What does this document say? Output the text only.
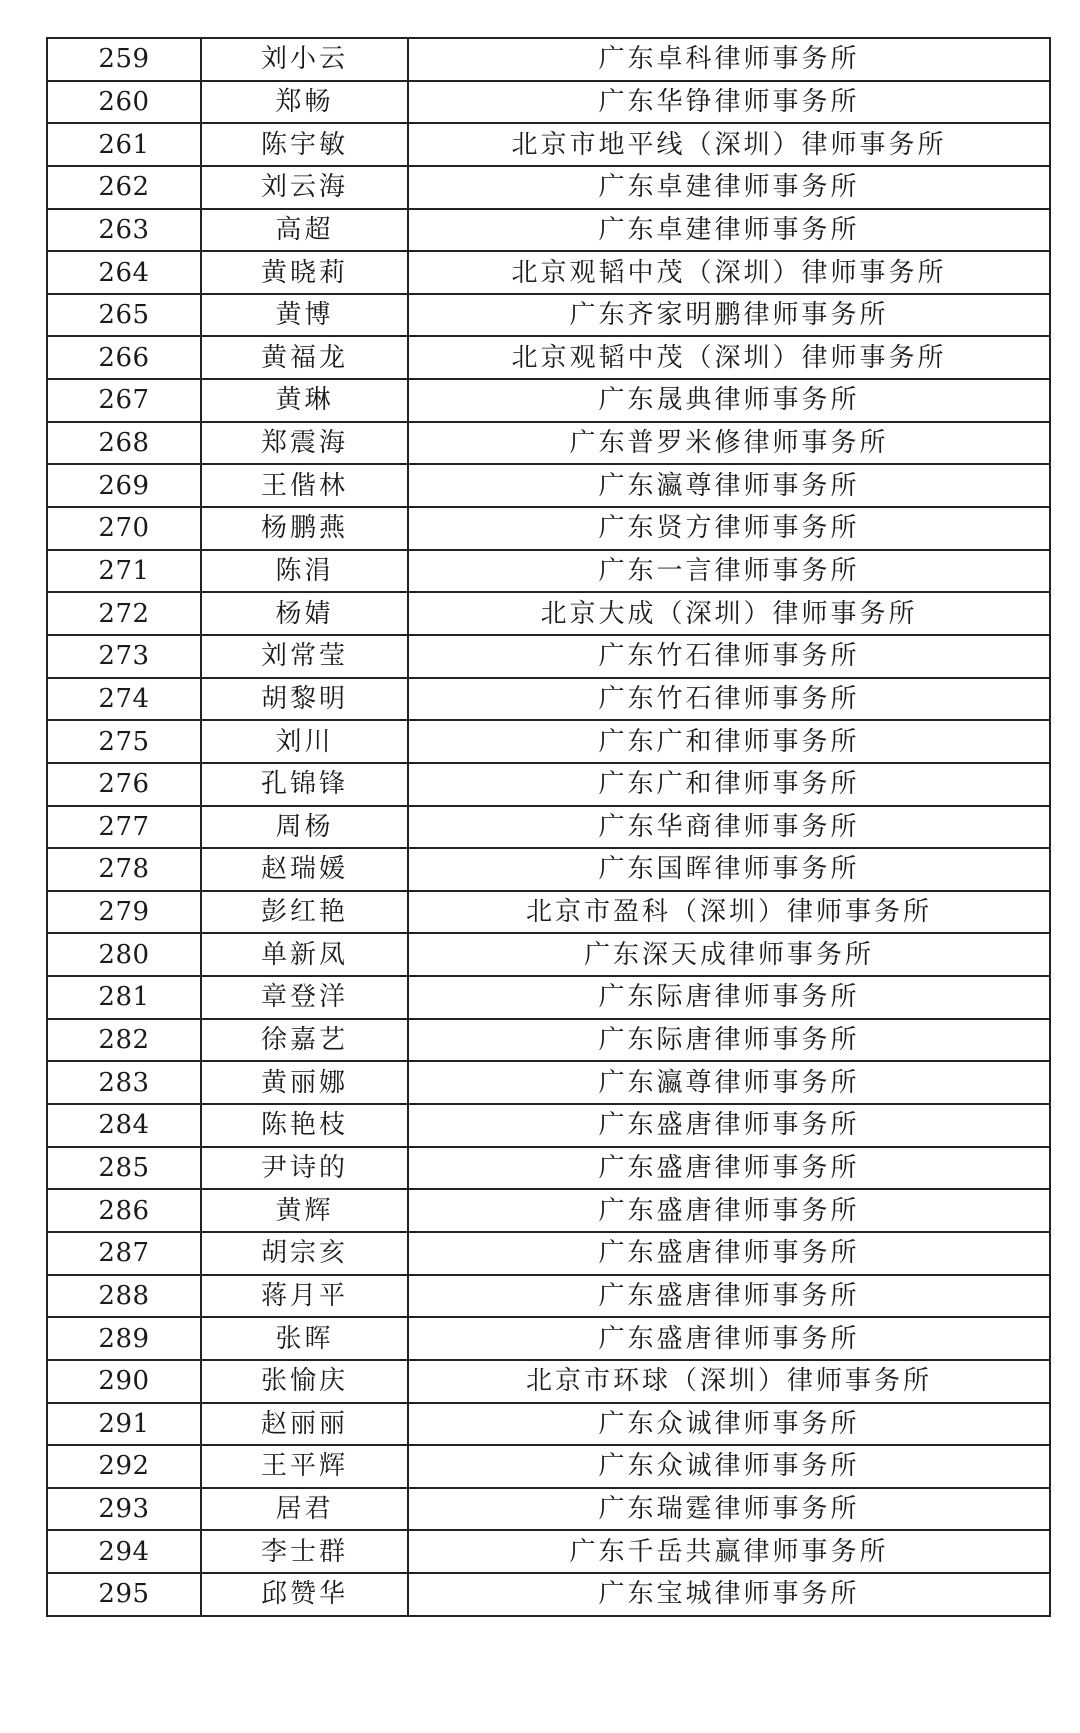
259	刘小云	广东卓科律师事务所
260	郑畅	广东华铮律师事务所
261	陈宇敏	北京市地平线（深圳）律师事务所
262	刘云海	广东卓建律师事务所
263	高超	广东卓建律师事务所
264	黄晓莉	北京观韬中茂（深圳）律师事务所
265	黄博	广东齐家明鹏律师事务所
266	黄福龙	北京观韬中茂（深圳）律师事务所
267	黄琳	广东晟典律师事务所
268	郑震海	广东普罗米修律师事务所
269	王偕林	广东瀛尊律师事务所
270	杨鹏燕	广东贤方律师事务所
271	陈涓	广东一言律师事务所
272	杨婧	北京大成（深圳）律师事务所
273	刘常莹	广东竹石律师事务所
274	胡黎明	广东竹石律师事务所
275	刘川	广东广和律师事务所
276	孔锦锋	广东广和律师事务所
277	周杨	广东华商律师事务所
278	赵瑞媛	广东国晖律师事务所
279	彭红艳	北京市盈科（深圳）律师事务所
280	单新凤	广东深天成律师事务所
281	章登洋	广东际唐律师事务所
282	徐嘉艺	广东际唐律师事务所
283	黄丽娜	广东瀛尊律师事务所
284	陈艳枝	广东盛唐律师事务所
285	尹诗的	广东盛唐律师事务所
286	黄辉	广东盛唐律师事务所
287	胡宗亥	广东盛唐律师事务所
288	蒋月平	广东盛唐律师事务所
289	张晖	广东盛唐律师事务所
290	张愉庆	北京市环球（深圳）律师事务所
291	赵丽丽	广东众诚律师事务所
292	王平辉	广东众诚律师事务所
293	居君	广东瑞霆律师事务所
294	李士群	广东千岳共赢律师事务所
295	邱赞华	广东宝城律师事务所
